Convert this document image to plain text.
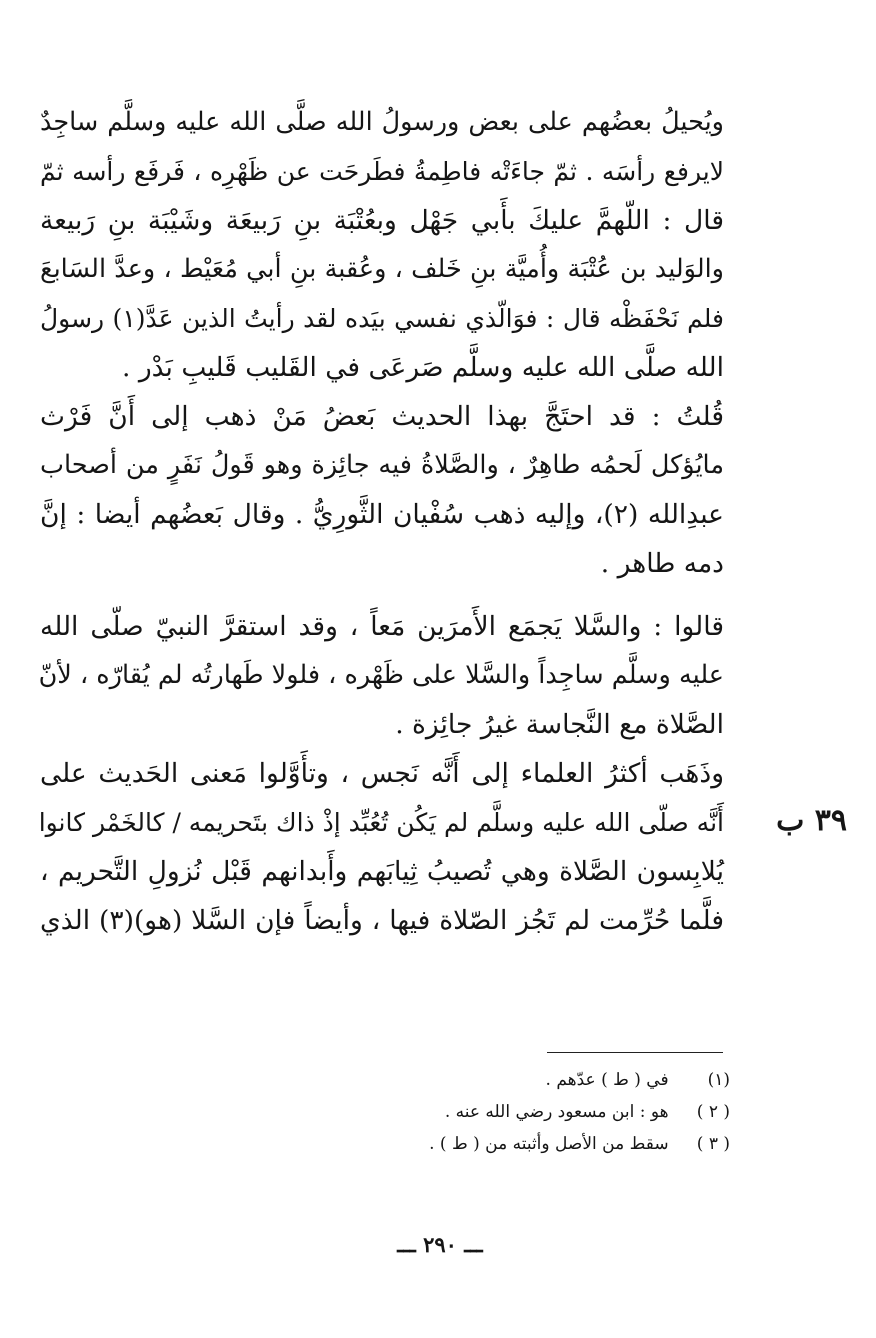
ويُحيلُ بعضُهم على بعض ورسولُ الله صلَّى الله عليه وسلَّم ساجِدٌ
لايرفع رأسَه . ثمّ جاءَتْه فاطِمةُ فطَرحَت عن ظَهْرِه ، فَرفَع رأسه ثمّ
قال : اللّهمَّ عليكَ بأَبي جَهْل وبعُتْبَة بنِ رَبيعَة وشَيْبَة بنِ رَبيعة
والوَليد بن عُتْبَة وأُميَّة بنِ خَلف ، وعُقبة بنِ أبي مُعَيْط ، وعدَّ السَابعَ
فلم نَحْفَظْه قال : فوَالّذي نفسي بيَده لقد رأيتُ الذين عَدَّ(١) رسولُ
الله صلَّى الله عليه وسلَّم صَرعَى في القَليب قَليبِ بَدْر .
قُلتُ : قد احتَجَّ بهذا الحديث بَعضُ مَنْ ذهب إلى أَنَّ فَرْث
مايُؤكل لَحمُه طاهِرٌ ، والصَّلاةُ فيه جائِزة وهو قَولُ نَفَرٍ من أصحاب
عبدِالله (٢)، وإليه ذهب سُفْيان الثَّورِيُّ . وقال بَعضُهم أيضا : إنَّ
دمه طاهر .
قالوا : والسَّلا يَجمَع الأَمرَين مَعاً ، وقد استقرَّ النبيّ صلّى الله
عليه وسلَّم ساجِداً والسَّلا على ظَهْره ، فلولا طَهارتُه لم يُقارّه ، لأنّ
الصَّلاة مع النَّجاسة غيرُ جائِزة .
وذَهَب أكثرُ العلماء إلى أَنَّه نَجس ، وتأَوَّلوا مَعنى الحَديث على
أَنَّه صلّى الله عليه وسلَّم لم يَكُن تُعُبِّد إذْ ذاك بتَحريمه / كالخَمْر كانوا
يُلابِسون الصَّلاة وهي تُصيبُ ثِيابَهم وأَبدانهم قَبْل نُزولِ التَّحريم ،
فلَّما حُرِّمت لم تَجُز الصّلاة فيها ، وأيضاً فإن السَّلا (هو)(٣) الذي
٣٩ ب
(١) في ( ط ) عدّهم .
( ٢ ) هو : ابن مسعود رضي الله عنه .
( ٣ ) سقط من الأصل وأثبته من ( ط ) .
ـــ ٢٩٠ ـــ
